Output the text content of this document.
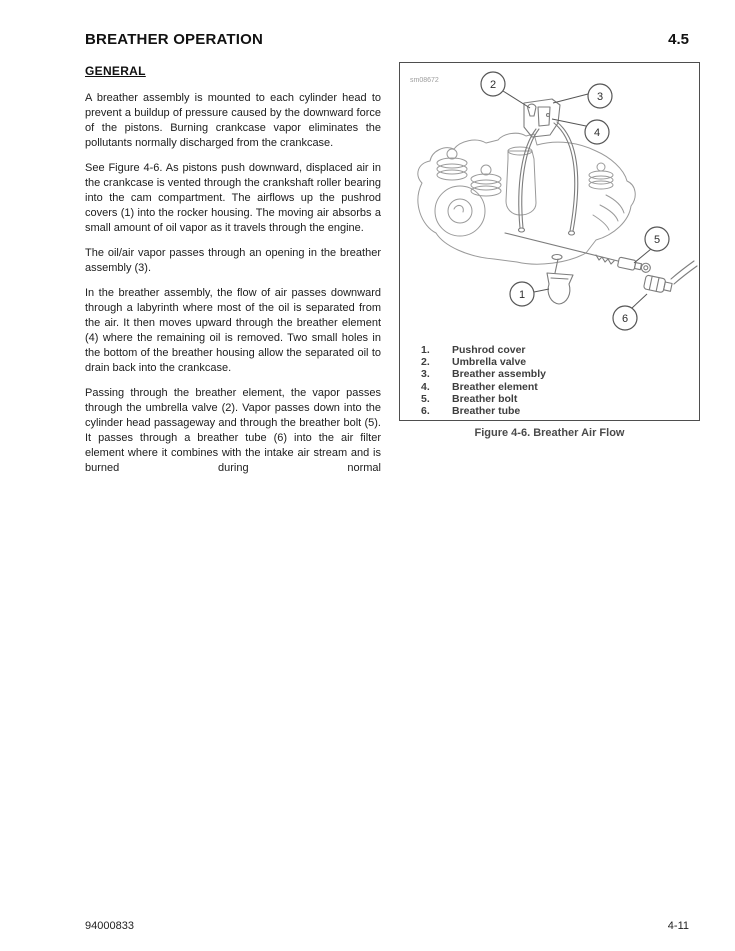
BREATHER OPERATION	4.5
GENERAL

A breather assembly is mounted to each cylinder head to prevent a buildup of pressure caused by the downward force of the pistons. Burning crankcase vapor eliminates the pollutants normally discharged from the crankcase.

See Figure 4-6. As pistons push downward, displaced air in the crankcase is vented through the crankshaft roller bearing into the cam compartment. The airflows up the pushrod covers (1) into the rocker housing. The moving air absorbs a small amount of oil vapor as it travels through the engine.

The oil/air vapor passes through an opening in the breather assembly (3).

In the breather assembly, the flow of air passes downward through a labyrinth where most of the oil is separated from the air. It then moves upward through the breather element (4) where the remaining oil is removed. Two small holes in the bottom of the breather housing allow the separated oil to drain back into the crankcase.

Passing through the breather element, the vapor passes through the umbrella valve (2). Vapor passes down into the cylinder head passageway and through the breather bolt (5). It passes through a breather tube (6) into the air filter element where it combines with the intake air stream and is burned during normal

sm08672	2
3
4
5
1
6
1.	Pushrod cover
2.	Umbrella valve
3.	Breather assembly
4.	Breather element
5.	Breather bolt
6.	Breather tube
Figure 4-6. Breather Air Flow
94000833	4-11
